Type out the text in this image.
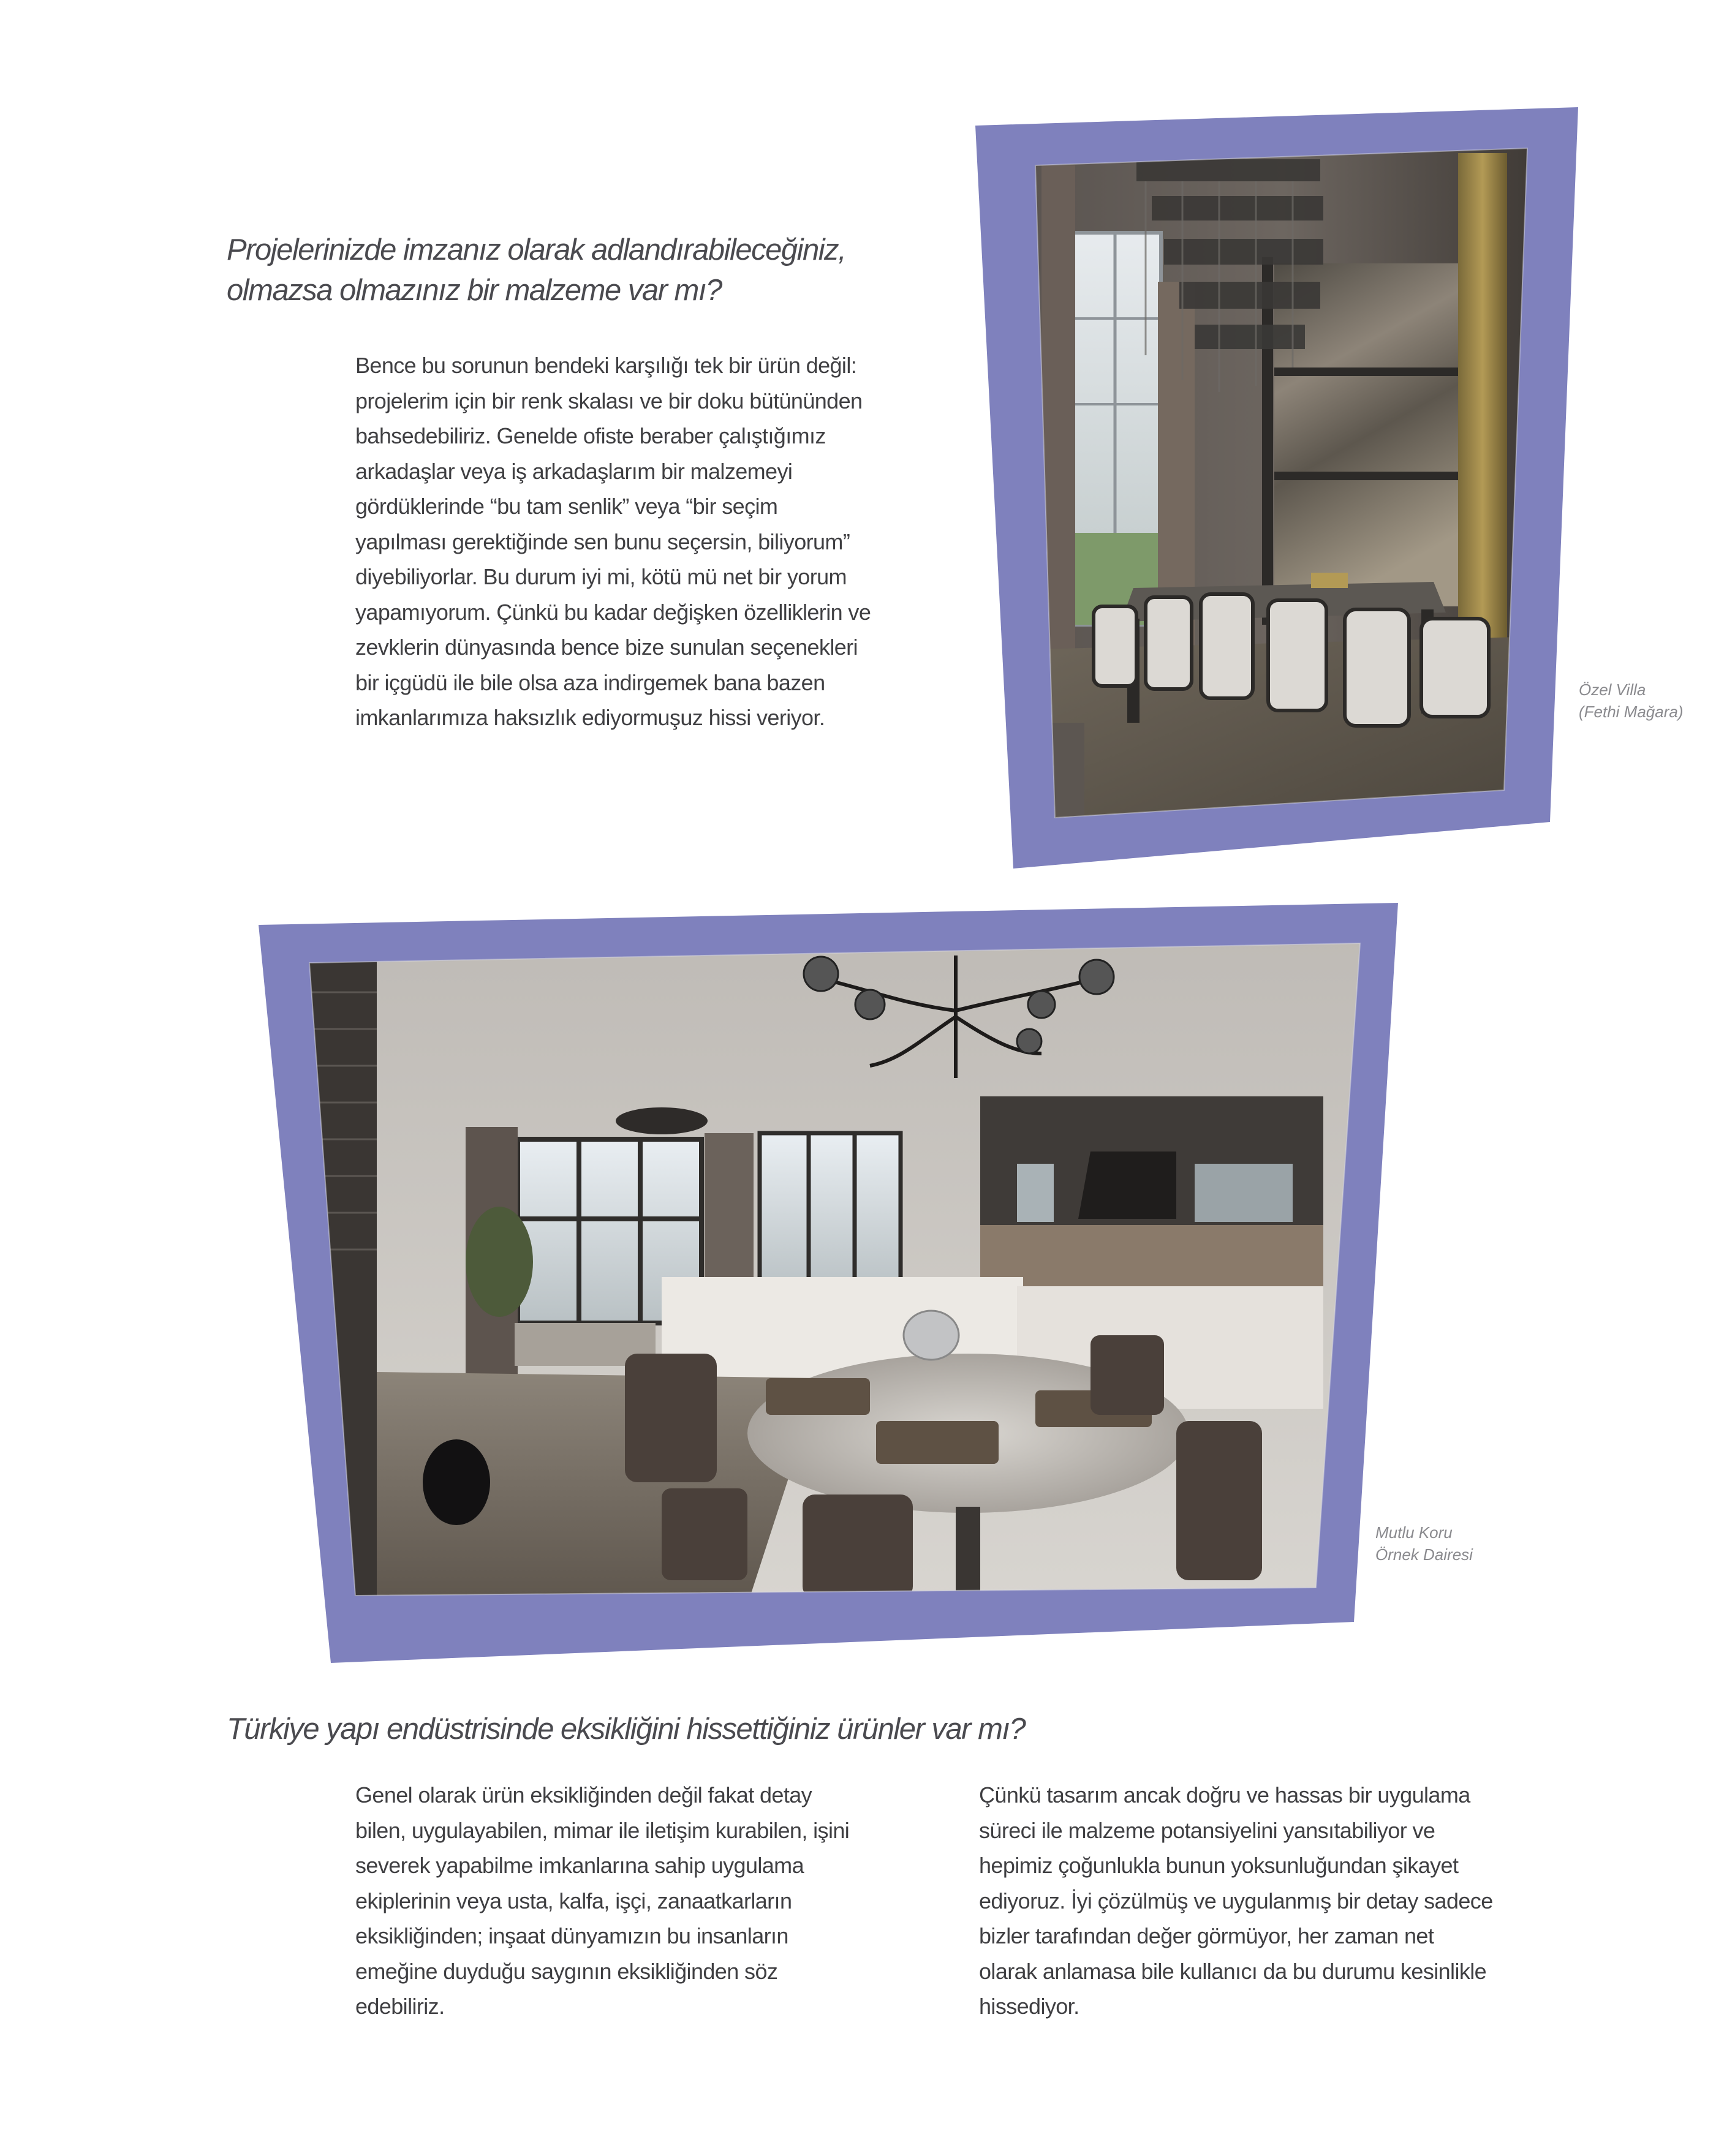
Projelerinizde imzanız olarak adlandırabileceğiniz,
olmazsa olmazınız bir malzeme var mı?

Bence bu sorunun bendeki karşılığı tek bir ürün değil:
projelerim için bir renk skalası ve bir doku bütününden
bahsedebiliriz. Genelde ofiste beraber çalıştığımız
arkadaşlar veya iş arkadaşlarım bir malzemeyi
gördüklerinde “bu tam senlik” veya “bir seçim
yapılması gerektiğinde sen bunu seçersin, biliyorum”
diyebiliyorlar. Bu durum iyi mi, kötü mü net bir yorum
yapamıyorum. Çünkü bu kadar değişken özelliklerin ve
zevklerin dünyasında bence bize sunulan seçenekleri
bir içgüdü ile bile olsa aza indirgemek bana bazen
imkanlarımıza haksızlık ediyormuşuz hissi veriyor.

Özel Villa
(Fethi Mağara)

Mutlu Koru
Örnek Dairesi

Türkiye yapı endüstrisinde eksikliğini hissettiğiniz ürünler var mı?

Genel olarak ürün eksikliğinden değil fakat detay
bilen, uygulayabilen, mimar ile iletişim kurabilen, işini
severek yapabilme imkanlarına sahip uygulama
ekiplerinin veya usta, kalfa, işçi, zanaatkarların
eksikliğinden; inşaat dünyamızın bu insanların
emeğine duyduğu saygının eksikliğinden söz
edebiliriz.

Çünkü tasarım ancak doğru ve hassas bir uygulama
süreci ile malzeme potansiyelini yansıtabiliyor ve
hepimiz çoğunlukla bunun yoksunluğundan şikayet
ediyoruz. İyi çözülmüş ve uygulanmış bir detay sadece
bizler tarafından değer görmüyor, her zaman net
olarak anlamasa bile kullanıcı da bu durumu kesinlikle
hissediyor.
